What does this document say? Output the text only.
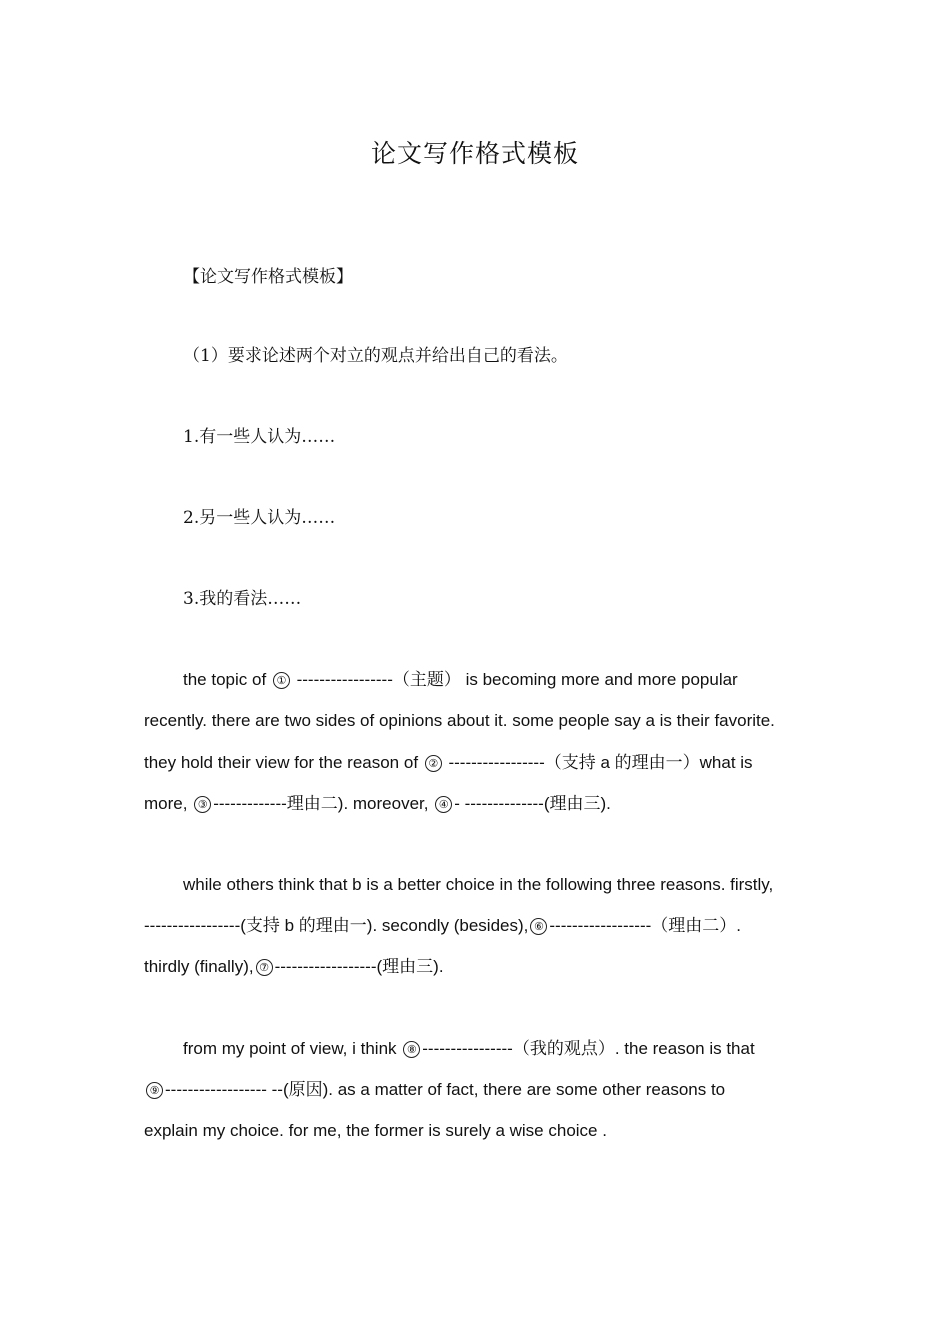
论文写作格式模板
【论文写作格式模板】
（1）要求论述两个对立的观点并给出自己的看法。
1.有一些人认为……
2.另一些人认为……
3.我的看法……
the topic of ① -----------------（主题） is becoming more and more popular
recently. there are two sides of opinions about it. some people say a is their favorite.
they hold their view for the reason of ② -----------------（支持 a 的理由一）what is
more, ③ -------------理由二). moreover, ④ - --------------(理由三).
while others think that b is a better choice in the following three reasons. firstly,
-----------------(支持 b 的理由一). secondly (besides), ⑥ ------------------（理由二）.
thirdly (finally), ⑦ ------------------(理由三).
from my point of view, i think ⑧ ----------------（我的观点）. the reason is that
⑨ ------------------ --(原因). as a matter of fact, there are some other reasons to
explain my choice. for me, the former is surely a wise choice .
